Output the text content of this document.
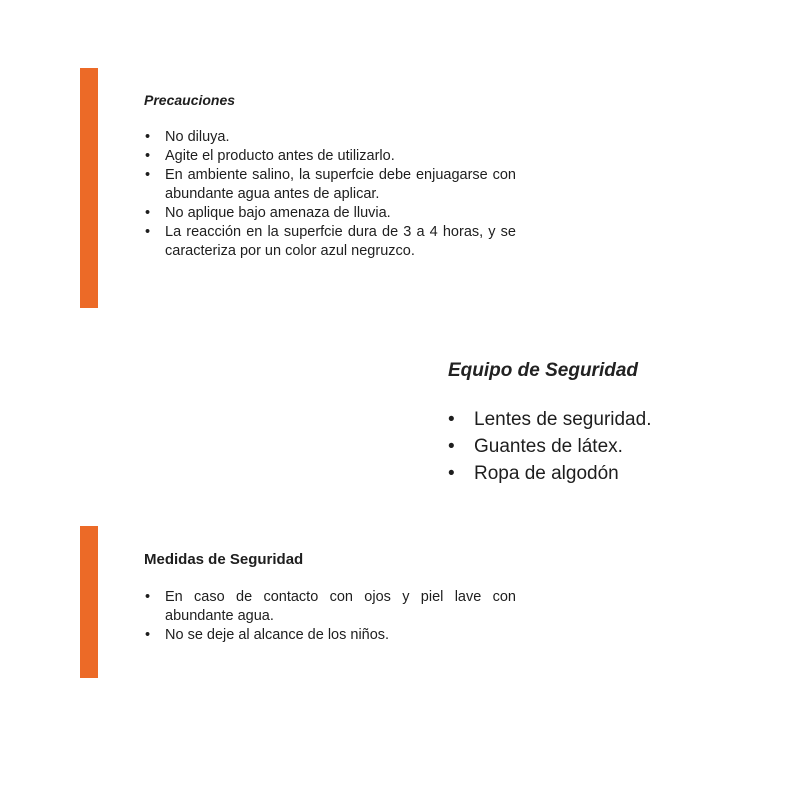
Precauciones
• No diluya.
• Agite el producto antes de utilizarlo.
• En ambiente salino, la superfcie debe enjuagarse con abundante agua antes de aplicar.
• No aplique bajo amenaza de lluvia.
• La reacción en la superfcie dura de 3 a 4 horas, y se caracteriza por un color azul negruzco.
Equipo de Seguridad
• Lentes de seguridad.
• Guantes de látex.
• Ropa de algodón
Medidas de Seguridad
• En caso de contacto con ojos y piel lave con abundante agua.
• No se deje al alcance de los niños.
